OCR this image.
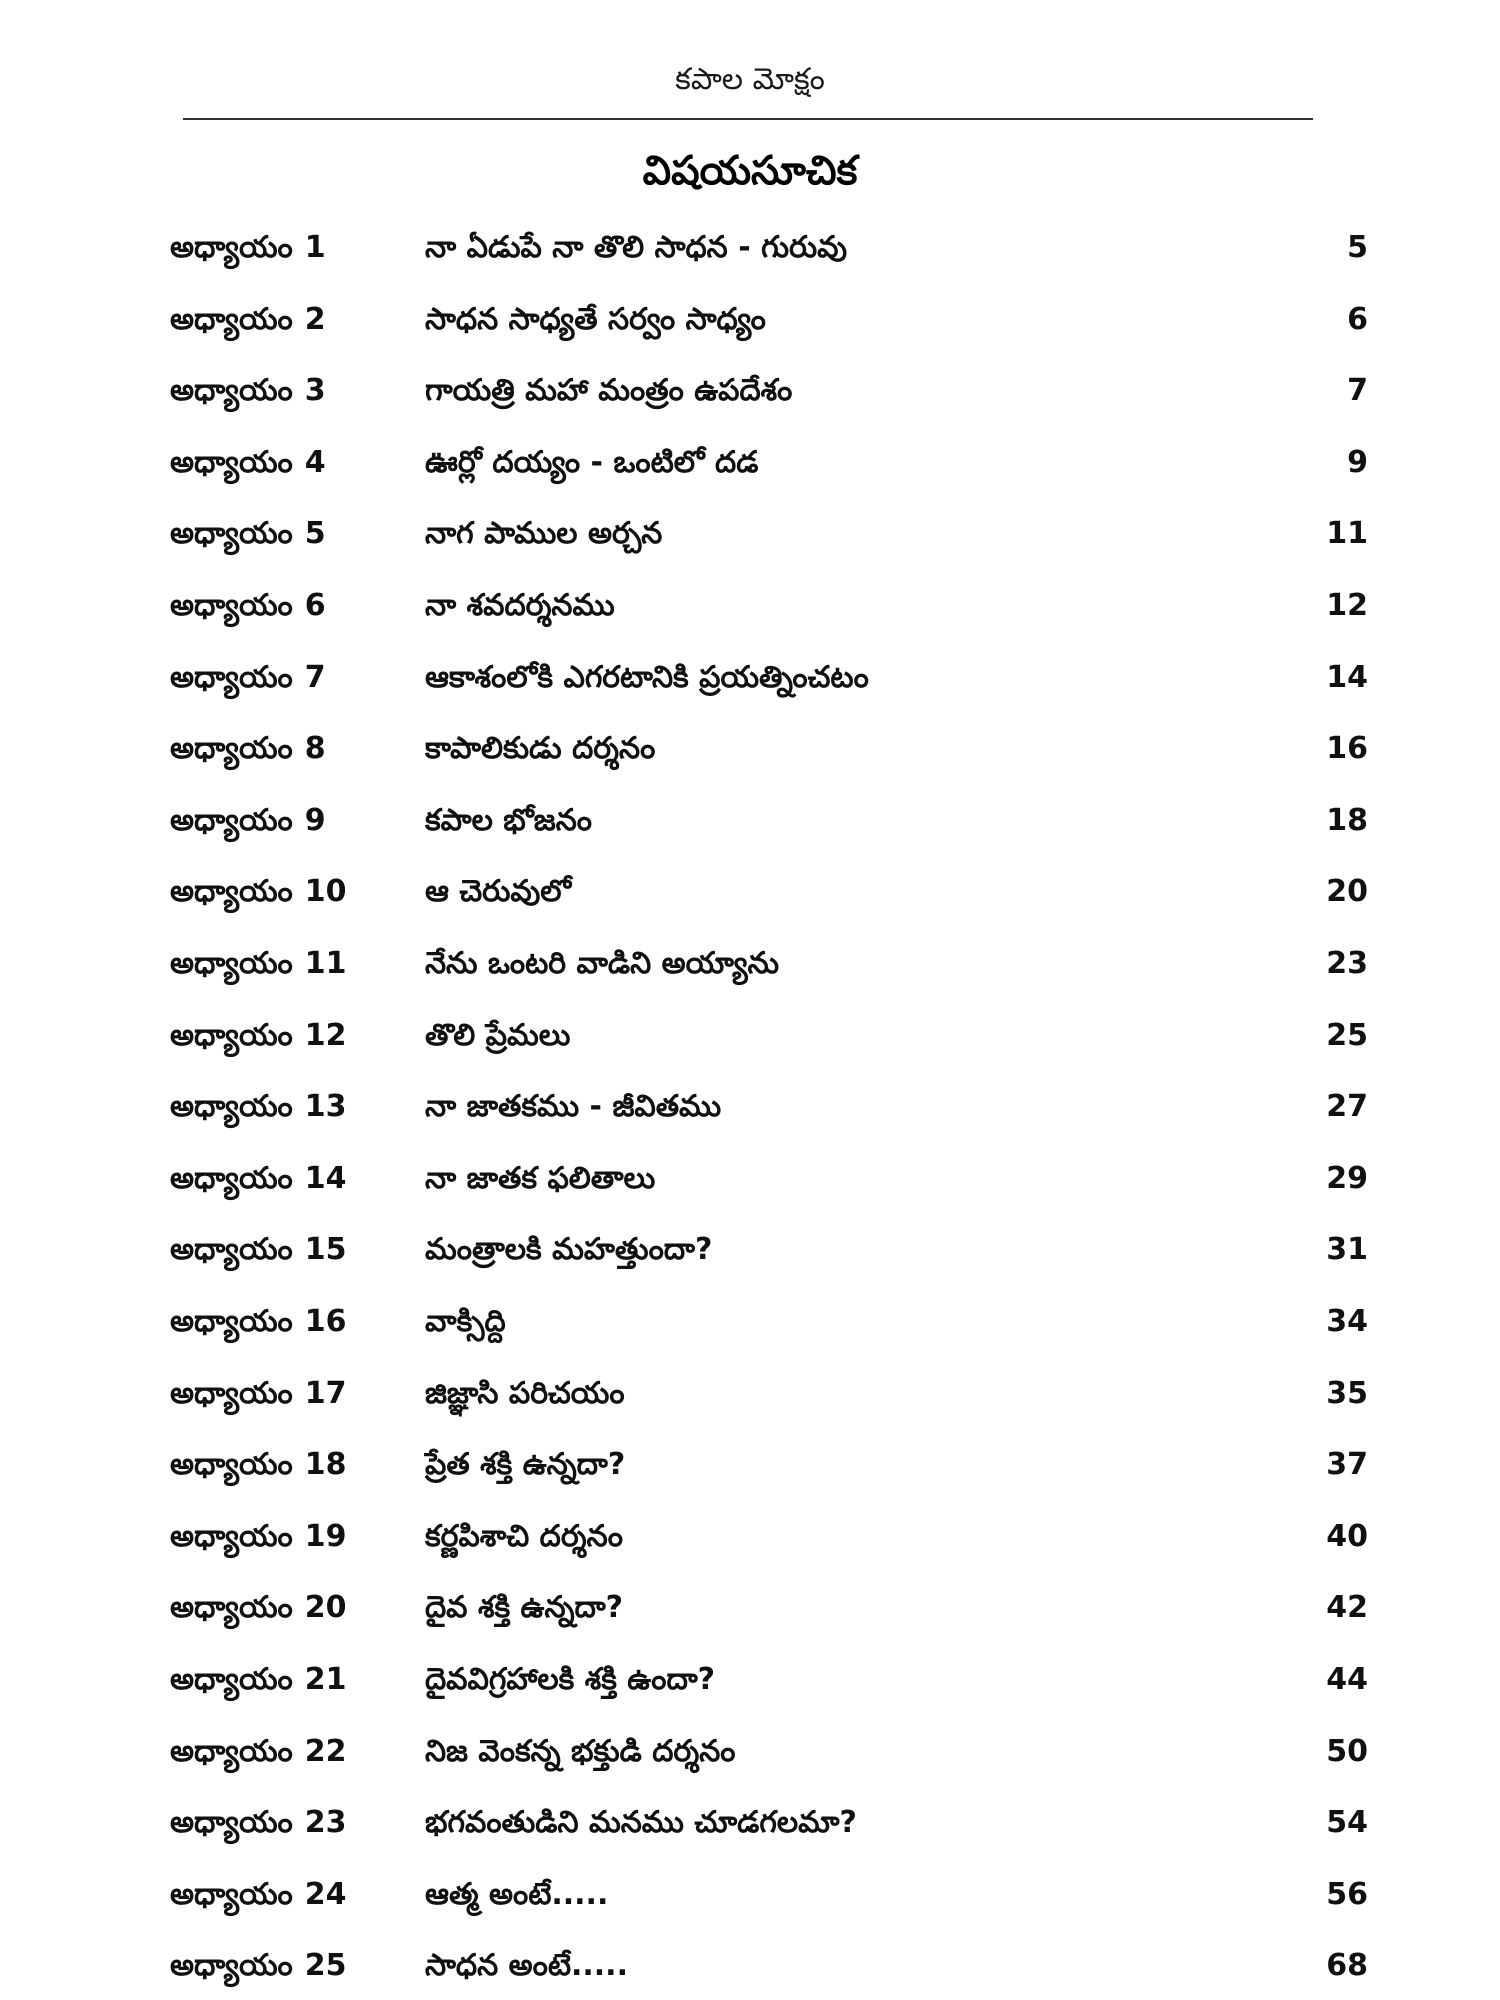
కపాల మోక్షం
విషయసూచిక
అధ్యాయం 1	నా ఏడుపే నా తొలి సాధన - గురువు	5
అధ్యాయం 2	సాధన సాధ్యతే సర్వం సాధ్యం	6
అధ్యాయం 3	గాయత్రి మహా మంత్రం ఉపదేశం	7
అధ్యాయం 4	ఊర్లో దయ్యం - ఒంటిలో దడ	9
అధ్యాయం 5	నాగ పాముల అర్చన	11
అధ్యాయం 6	నా శవదర్శనము	12
అధ్యాయం 7	ఆకాశంలోకి ఎగరటానికి ప్రయత్నించటం	14
అధ్యాయం 8	కాపాలికుడు దర్శనం	16
అధ్యాయం 9	కపాల భోజనం	18
అధ్యాయం 10	ఆ చెరువులో	20
అధ్యాయం 11	నేను ఒంటరి వాడిని అయ్యాను	23
అధ్యాయం 12	తొలి ప్రేమలు	25
అధ్యాయం 13	నా జాతకము - జీవితము	27
అధ్యాయం 14	నా జాతక ఫలితాలు	29
అధ్యాయం 15	మంత్రాలకి మహత్తుందా?	31
అధ్యాయం 16	వాక్సిద్ది	34
అధ్యాయం 17	జిజ్ఞాసి పరిచయం	35
అధ్యాయం 18	ప్రేత శక్తి ఉన్నదా?	37
అధ్యాయం 19	కర్ణపిశాచి దర్శనం	40
అధ్యాయం 20	దైవ శక్తి ఉన్నదా?	42
అధ్యాయం 21	దైవవిగ్రహాలకి శక్తి ఉందా?	44
అధ్యాయం 22	నిజ వెంకన్న భక్తుడి దర్శనం	50
అధ్యాయం 23	భగవంతుడిని మనము చూడగలమా?	54
అధ్యాయం 24	ఆత్మ అంటే.....	56
అధ్యాయం 25	సాధన అంటే.....	68
